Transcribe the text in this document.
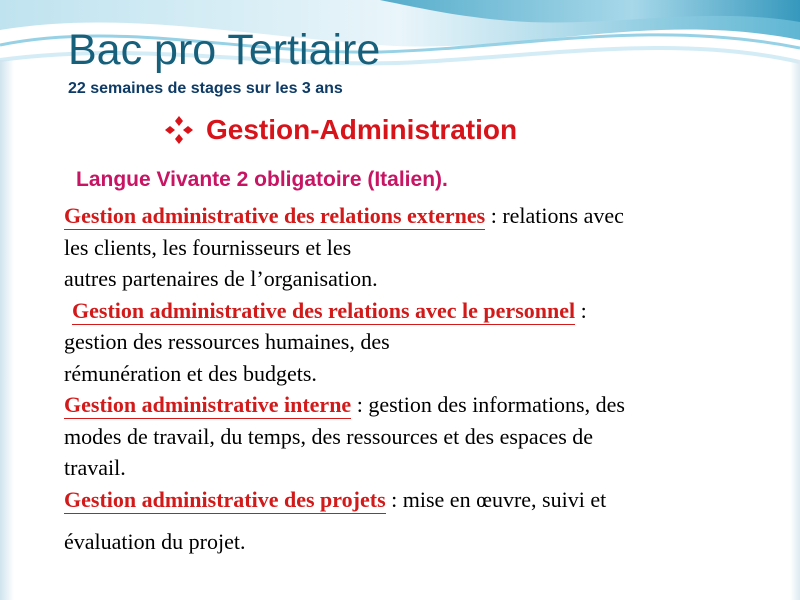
Bac pro Tertiaire
22 semaines de stages sur les 3 ans
Gestion-Administration
Langue Vivante 2 obligatoire (Italien).

Gestion administrative des relations externes : relations avec

les clients, les fournisseurs et les

autres partenaires de l’organisation.

Gestion administrative des relations avec le personnel :

gestion des ressources humaines, des

rémunération et des budgets.

Gestion administrative interne : gestion des informations, des

modes de travail, du temps, des ressources et des espaces de

travail.

Gestion administrative des projets : mise en œuvre, suivi et

évaluation du projet.
